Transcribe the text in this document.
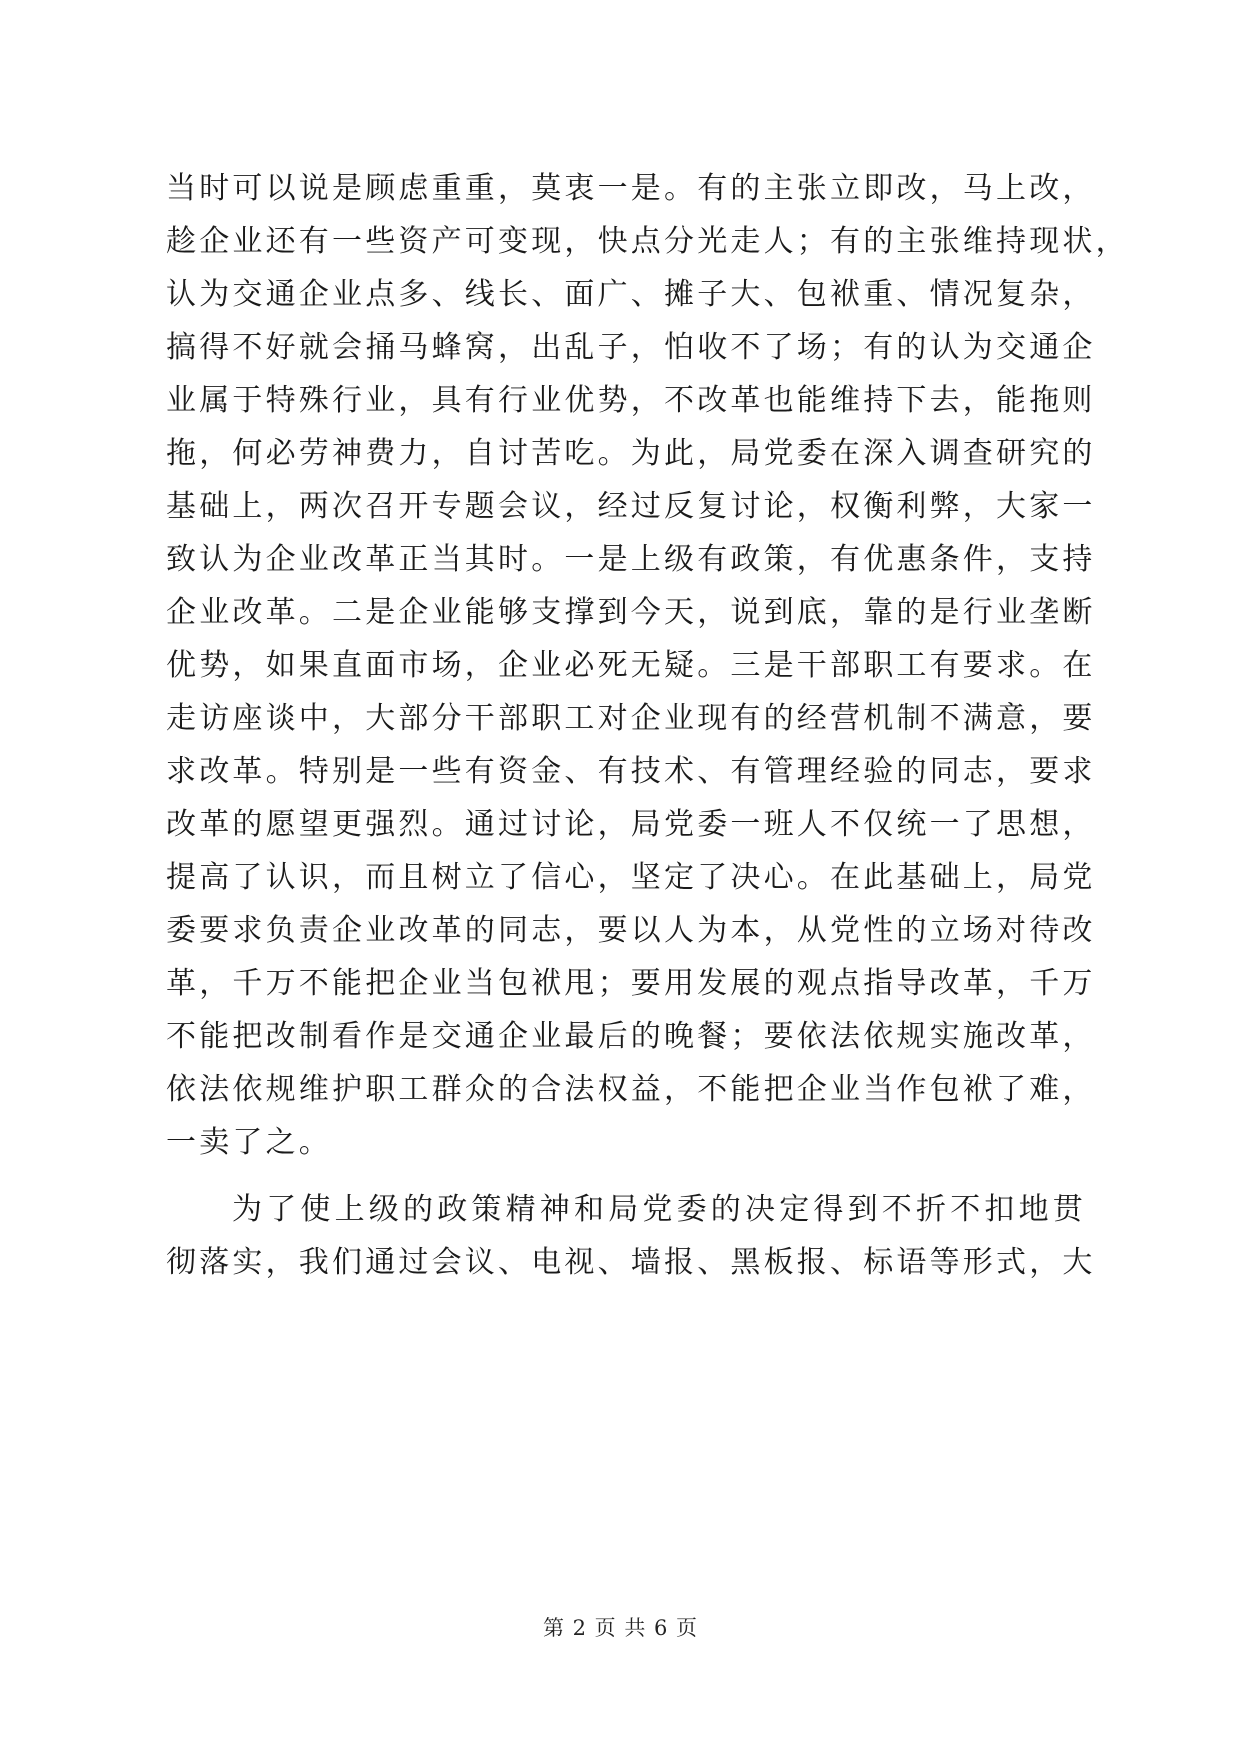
当时可以说是顾虑重重，莫衷一是。有的主张立即改，马上改，
趁企业还有一些资产可变现，快点分光走人；有的主张维持现状，
认为交通企业点多、线长、面广、摊子大、包袱重、情况复杂，
搞得不好就会捅马蜂窝，出乱子，怕收不了场；有的认为交通企
业属于特殊行业，具有行业优势，不改革也能维持下去，能拖则
拖，何必劳神费力，自讨苦吃。为此，局党委在深入调查研究的
基础上，两次召开专题会议，经过反复讨论，权衡利弊，大家一
致认为企业改革正当其时。一是上级有政策，有优惠条件，支持
企业改革。二是企业能够支撑到今天，说到底，靠的是行业垄断
优势，如果直面市场，企业必死无疑。三是干部职工有要求。在
走访座谈中，大部分干部职工对企业现有的经营机制不满意，要
求改革。特别是一些有资金、有技术、有管理经验的同志，要求
改革的愿望更强烈。通过讨论，局党委一班人不仅统一了思想，
提高了认识，而且树立了信心，坚定了决心。在此基础上，局党
委要求负责企业改革的同志，要以人为本，从党性的立场对待改
革，千万不能把企业当包袱甩；要用发展的观点指导改革，千万
不能把改制看作是交通企业最后的晚餐；要依法依规实施改革，
依法依规维护职工群众的合法权益，不能把企业当作包袱了难，
一卖了之。
为了使上级的政策精神和局党委的决定得到不折不扣地贯
彻落实，我们通过会议、电视、墙报、黑板报、标语等形式，大
第 2 页 共 6 页
